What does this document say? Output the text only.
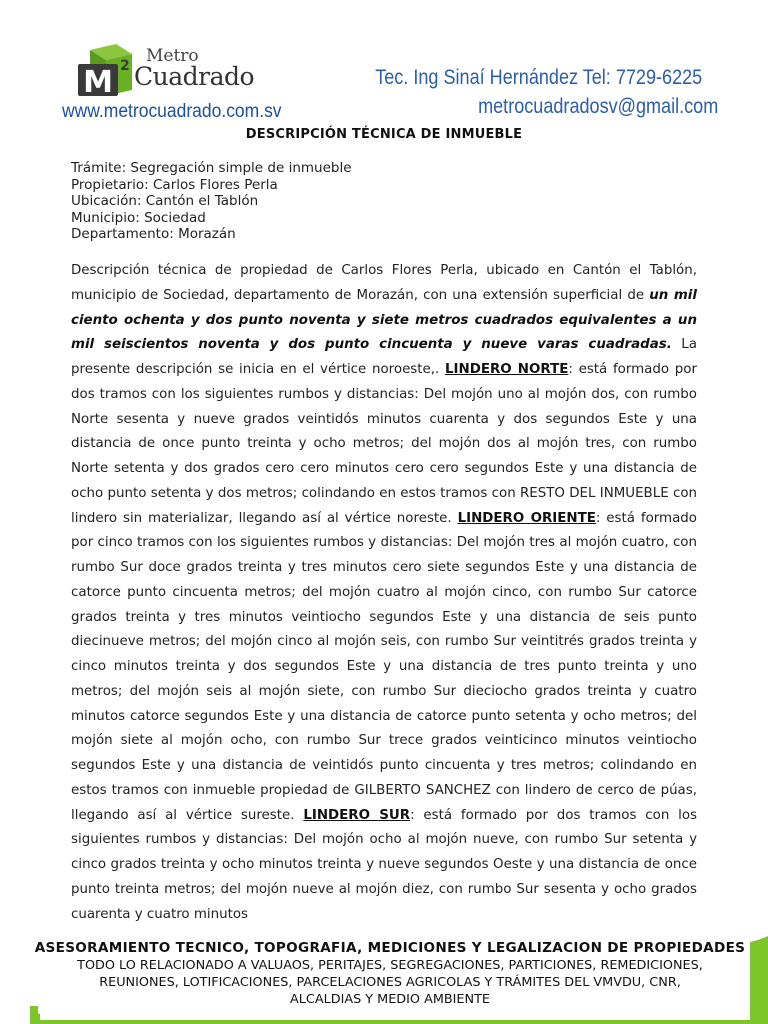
M 2 Metro
Cuadrado
www.metrocuadrado.com.sv
Tec. Ing Sinaí Hernández Tel: 7729-6225
metrocuadradosv@gmail.com
DESCRIPCIÓN TÉCNICA DE INMUEBLE
Trámite: Segregación simple de inmueble
Propietario: Carlos Flores Perla
Ubicación: Cantón el Tablón
Municipio: Sociedad
Departamento: Morazán

Descripción técnica de propiedad de Carlos Flores Perla, ubicado en Cantón el Tablón, municipio de Sociedad, departamento de Morazán, con una extensión superficial de un mil ciento ochenta y dos punto noventa y siete metros cuadrados equivalentes a un mil seiscientos noventa y dos punto cincuenta y nueve varas cuadradas. La presente descripción se inicia en el vértice noroeste,. LINDERO NORTE: está formado por dos tramos con los siguientes rumbos y distancias: Del mojón uno al mojón dos, con rumbo Norte sesenta y nueve grados veintidós minutos cuarenta y dos segundos Este y una distancia de once punto treinta y ocho metros; del mojón dos al mojón tres, con rumbo Norte setenta y dos grados cero cero minutos cero cero segundos Este y una distancia de ocho punto setenta y dos metros; colindando en estos tramos con RESTO DEL INMUEBLE con lindero sin materializar, llegando así al vértice noreste. LINDERO ORIENTE: está formado por cinco tramos con los siguientes rumbos y distancias: Del mojón tres al mojón cuatro, con rumbo Sur doce grados treinta y tres minutos cero siete segundos Este y una distancia de catorce punto cincuenta metros; del mojón cuatro al mojón cinco, con rumbo Sur catorce grados treinta y tres minutos veintiocho segundos Este y una distancia de seis punto diecinueve metros; del mojón cinco al mojón seis, con rumbo Sur veintitrés grados treinta y cinco minutos treinta y dos segundos Este y una distancia de tres punto treinta y uno metros; del mojón seis al mojón siete, con rumbo Sur dieciocho grados treinta y cuatro minutos catorce segundos Este y una distancia de catorce punto setenta y ocho metros; del mojón siete al mojón ocho, con rumbo Sur trece grados veinticinco minutos veintiocho segundos Este y una distancia de veintidós punto cincuenta y tres metros; colindando en estos tramos con inmueble propiedad de GILBERTO SANCHEZ con lindero de cerco de púas, llegando así al vértice sureste. LINDERO SUR: está formado por dos tramos con los siguientes rumbos y distancias: Del mojón ocho al mojón nueve, con rumbo Sur setenta y cinco grados treinta y ocho minutos treinta y nueve segundos Oeste y una distancia de once punto treinta metros; del mojón nueve al mojón diez, con rumbo Sur sesenta y ocho grados cuarenta y cuatro minutos

ASESORAMIENTO TECNICO, TOPOGRAFIA, MEDICIONES Y LEGALIZACION DE PROPIEDADES
TODO LO RELACIONADO A VALUAOS, PERITAJES, SEGREGACIONES, PARTICIONES, REMEDICIONES,
REUNIONES, LOTIFICACIONES, PARCELACIONES AGRICOLAS Y TRÁMITES DEL VMVDU, CNR,
ALCALDIAS Y MEDIO AMBIENTE
